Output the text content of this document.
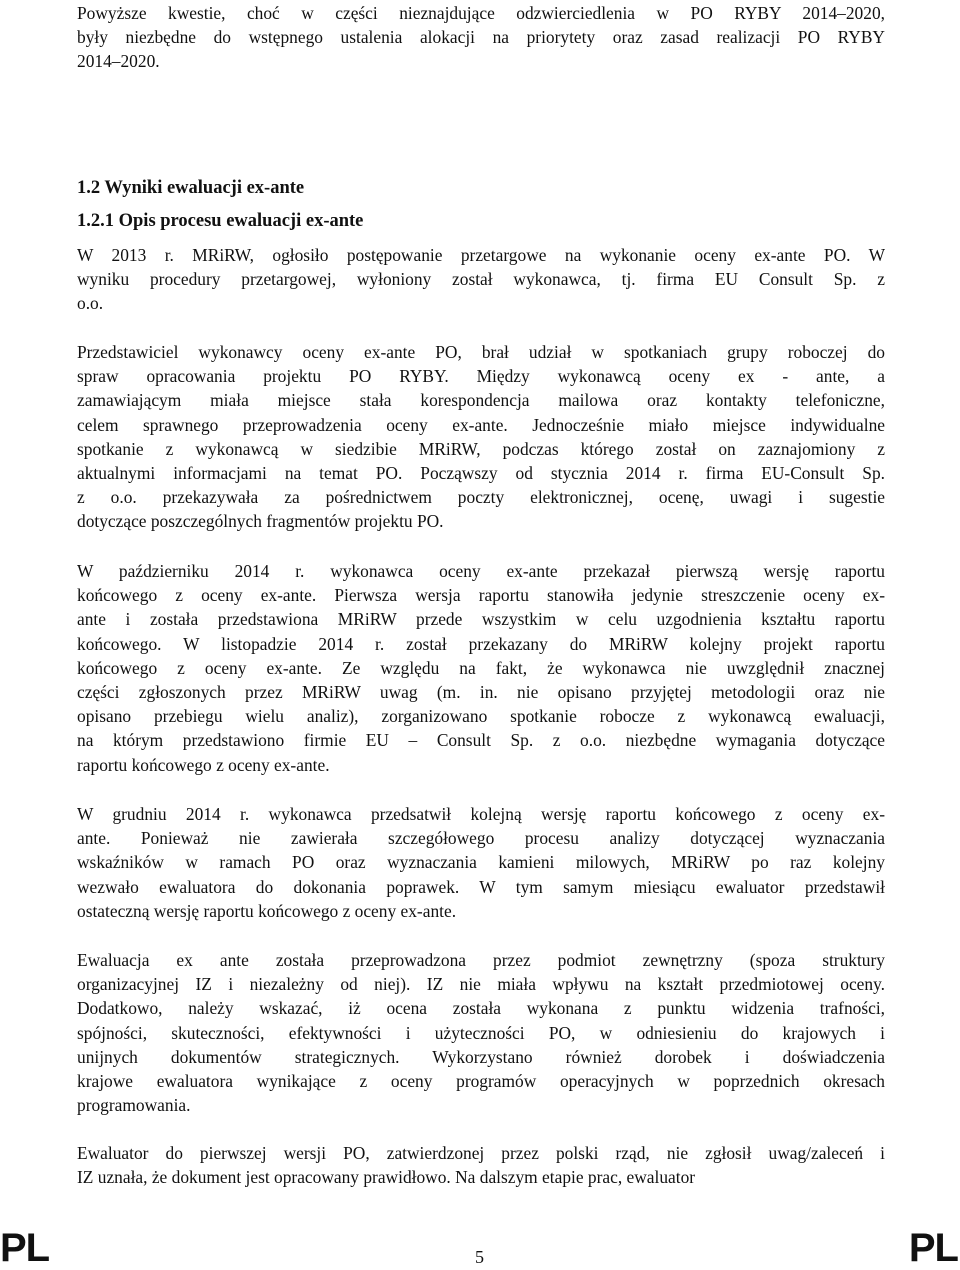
Powyższe kwestie, choć w części nieznajdujące odzwierciedlenia w PO RYBY 2014–2020,
były niezbędne do wstępnego ustalenia alokacji na priorytety oraz zasad realizacji PO RYBY
2014–2020.
1.2 Wyniki ewaluacji ex-ante
1.2.1 Opis procesu ewaluacji ex-ante
W 2013 r. MRiRW, ogłosiło postępowanie przetargowe na wykonanie oceny ex-ante PO. W
wyniku procedury przetargowej, wyłoniony został wykonawca, tj. firma EU Consult Sp. z
o.o.
Przedstawiciel wykonawcy oceny ex-ante PO, brał udział w spotkaniach grupy roboczej do
spraw opracowania projektu PO RYBY. Między wykonawcą oceny ex - ante, a
zamawiającym miała miejsce stała korespondencja mailowa oraz kontakty telefoniczne,
celem sprawnego przeprowadzenia oceny ex-ante. Jednocześnie miało miejsce indywidualne
spotkanie z wykonawcą w siedzibie MRiRW, podczas którego został on zaznajomiony z
aktualnymi informacjami na temat PO. Począwszy od stycznia 2014 r. firma EU-Consult Sp.
z o.o. przekazywała za pośrednictwem poczty elektronicznej, ocenę, uwagi i sugestie
dotyczące poszczególnych fragmentów projektu PO.
W październiku 2014 r. wykonawca oceny ex-ante przekazał pierwszą wersję raportu
końcowego z oceny ex-ante. Pierwsza wersja raportu stanowiła jedynie streszczenie oceny ex-
ante i została przedstawiona MRiRW przede wszystkim w celu uzgodnienia kształtu raportu
końcowego. W listopadzie 2014 r. został przekazany do MRiRW kolejny projekt raportu
końcowego z oceny ex-ante. Ze względu na fakt, że wykonawca nie uwzględnił znacznej
części zgłoszonych przez MRiRW uwag (m. in. nie opisano przyjętej metodologii oraz nie
opisano przebiegu wielu analiz), zorganizowano spotkanie robocze z wykonawcą ewaluacji,
na którym przedstawiono firmie EU – Consult Sp. z o.o. niezbędne wymagania dotyczące
raportu końcowego z oceny ex-ante.
W grudniu 2014 r. wykonawca przedsatwił kolejną wersję raportu końcowego z oceny ex-
ante. Ponieważ nie zawierała szczegółowego procesu analizy dotyczącej wyznaczania
wskaźników w ramach PO oraz wyznaczania kamieni milowych, MRiRW po raz kolejny
wezwało ewaluatora do dokonania poprawek. W tym samym miesiącu ewaluator przedstawił
ostateczną wersję raportu końcowego z oceny ex-ante.
Ewaluacja ex ante została przeprowadzona przez podmiot zewnętrzny (spoza struktury
organizacyjnej IZ i niezależny od niej). IZ nie miała wpływu na kształt przedmiotowej oceny.
Dodatkowo, należy wskazać, iż ocena została wykonana z punktu widzenia trafności,
spójności, skuteczności, efektywności i użyteczności PO, w odniesieniu do krajowych i
unijnych dokumentów strategicznych. Wykorzystano również dorobek i doświadczenia
krajowe ewaluatora wynikające z oceny programów operacyjnych w poprzednich okresach
programowania.
Ewaluator do pierwszej wersji PO, zatwierdzonej przez polski rząd, nie zgłosił uwag/zaleceń i
IZ uznała, że dokument jest opracowany prawidłowo. Na dalszym etapie prac, ewaluator
PL	5	PL
